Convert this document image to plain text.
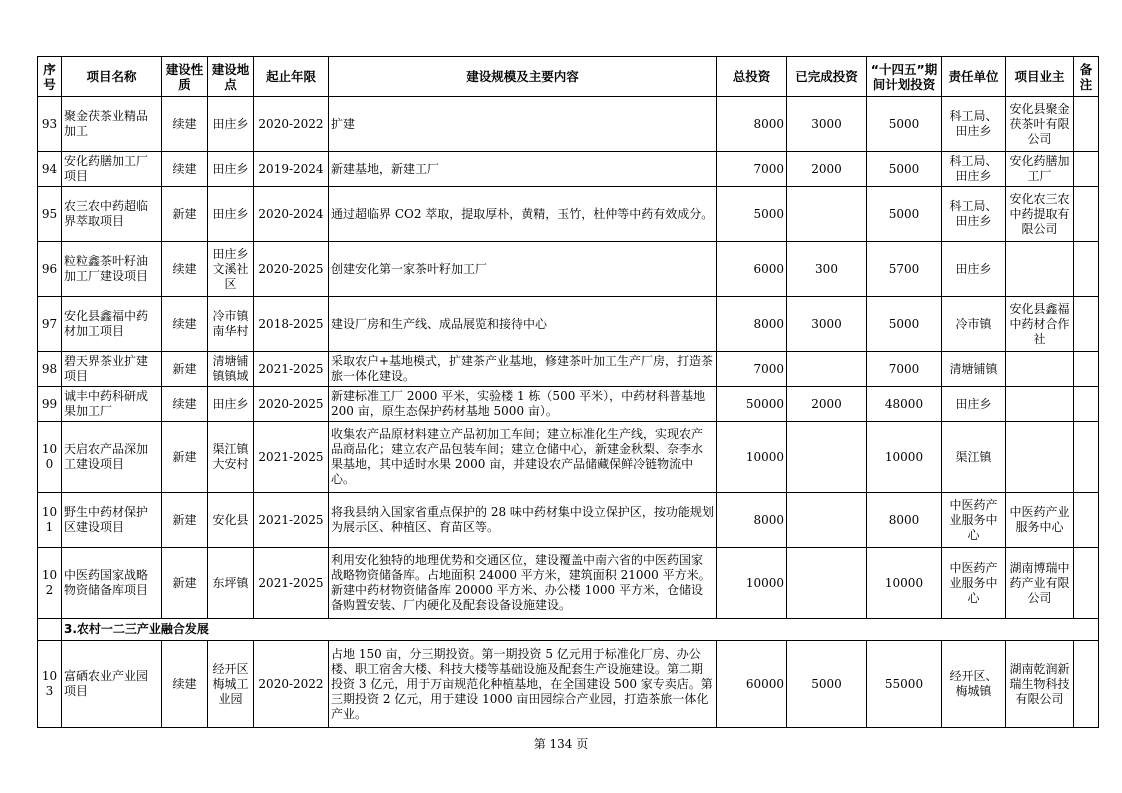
序号	项目名称	建设性质	建设地点	起止年限	建设规模及主要内容	总投资	已完成投资	“十四五”期间计划投资	责任单位	项目业主	备注
93	聚金茯茶业精品加工	续建	田庄乡	2020-2022	扩建	8000	3000	5000	科工局、田庄乡	安化县聚金茯茶叶有限公司	
94	安化药膳加工厂项目	续建	田庄乡	2019-2024	新建基地，新建工厂	7000	2000	5000	科工局、田庄乡	安化药膳加工厂	
95	农三农中药超临界萃取项目	新建	田庄乡	2020-2024	通过超临界 CO2 萃取，提取厚朴，黄精，玉竹，杜仲等中药有效成分。	5000		5000	科工局、田庄乡	安化农三农中药提取有限公司	
96	粒粒鑫茶叶籽油加工厂建设项目	续建	田庄乡文溪社区	2020-2025	创建安化第一家茶叶籽加工厂	6000	300	5700	田庄乡		
97	安化县鑫福中药材加工项目	续建	冷市镇南华村	2018-2025	建设厂房和生产线、成品展览和接待中心	8000	3000	5000	冷市镇	安化县鑫福中药材合作社	
98	碧天界茶业扩建项目	新建	清塘铺镇镇域	2021-2025	采取农户+基地模式，扩建茶产业基地，修建茶叶加工生产厂房，打造茶旅一体化建设。	7000		7000	清塘铺镇		
99	诚丰中药科研成果加工厂	续建	田庄乡	2020-2025	新建标准工厂 2000 平米，实验楼 1 栋（500 平米），中药材科普基地 200 亩，原生态保护药材基地 5000 亩）。	50000	2000	48000	田庄乡		
100	天启农产品深加工建设项目	新建	渠江镇大安村	2021-2025	收集农产品原材料建立产品初加工车间；建立标准化生产线，实现农产品商品化；建立农产品包装车间；建立仓储中心，新建金秋梨、奈李水果基地，其中适时水果 2000 亩，并建设农产品储藏保鲜冷链物流中心。	10000		10000	渠江镇		
101	野生中药材保护区建设项目	新建	安化县	2021-2025	将我县纳入国家省重点保护的 28 味中药材集中设立保护区，按功能规划为展示区、种植区、育苗区等。	8000		8000	中医药产业服务中心	中医药产业服务中心	
102	中医药国家战略物资储备库项目	新建	东坪镇	2021-2025	利用安化独特的地理优势和交通区位，建设覆盖中南六省的中医药国家战略物资储备库。占地面积 24000 平方米，建筑面积 21000 平方米。新建中药材物资储备库 20000 平方米、办公楼 1000 平方米，仓储设备购置安装、厂内硬化及配套设备设施建设。	10000		10000	中医药产业服务中心	湖南博瑞中药产业有限公司	
	3.农村一二三产业融合发展										
103	富硒农业产业园项目	续建	经开区梅城工业园	2020-2022	占地 150 亩，分三期投资。第一期投资 5 亿元用于标准化厂房、办公楼、职工宿舍大楼、科技大楼等基础设施及配套生产设施建设。第二期投资 3 亿元，用于万亩规范化种植基地，在全国建设 500 家专卖店。第三期投资 2 亿元，用于建设 1000 亩田园综合产业园，打造茶旅一体化产业。	60000	5000	55000	经开区、梅城镇	湖南乾润新瑞生物科技有限公司	
第 134 页
